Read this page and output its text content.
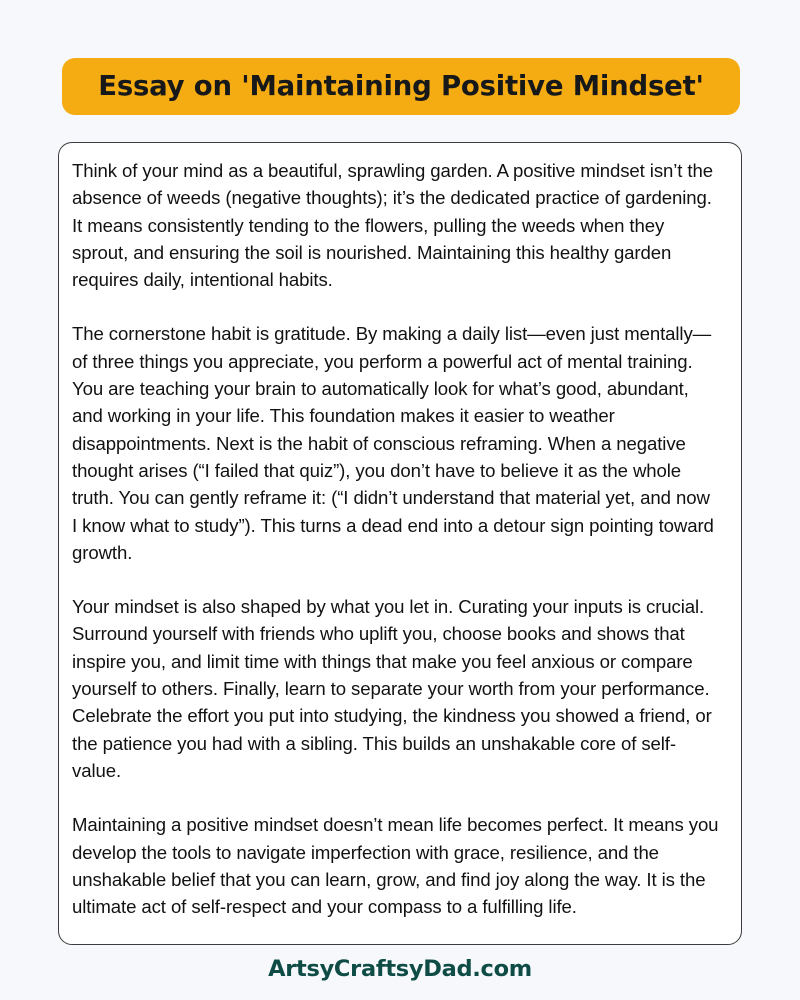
Essay on 'Maintaining Positive Mindset'

Think of your mind as a beautiful, sprawling garden. A positive mindset isn’t the absence of weeds (negative thoughts); it’s the dedicated practice of gardening. It means consistently tending to the flowers, pulling the weeds when they sprout, and ensuring the soil is nourished. Maintaining this healthy garden requires daily, intentional habits.

The cornerstone habit is gratitude. By making a daily list—even just mentally—of three things you appreciate, you perform a powerful act of mental training. You are teaching your brain to automatically look for what’s good, abundant, and working in your life. This foundation makes it easier to weather disappointments. Next is the habit of conscious reframing. When a negative thought arises (“I failed that quiz”), you don’t have to believe it as the whole truth. You can gently reframe it: (“I didn’t understand that material yet, and now I know what to study”). This turns a dead end into a detour sign pointing toward growth.

Your mindset is also shaped by what you let in. Curating your inputs is crucial. Surround yourself with friends who uplift you, choose books and shows that inspire you, and limit time with things that make you feel anxious or compare yourself to others. Finally, learn to separate your worth from your performance. Celebrate the effort you put into studying, the kindness you showed a friend, or the patience you had with a sibling. This builds an unshakable core of self-value.

Maintaining a positive mindset doesn’t mean life becomes perfect. It means you develop the tools to navigate imperfection with grace, resilience, and the unshakable belief that you can learn, grow, and find joy along the way. It is the ultimate act of self-respect and your compass to a fulfilling life.

ArtsyCraftsyDad.com
